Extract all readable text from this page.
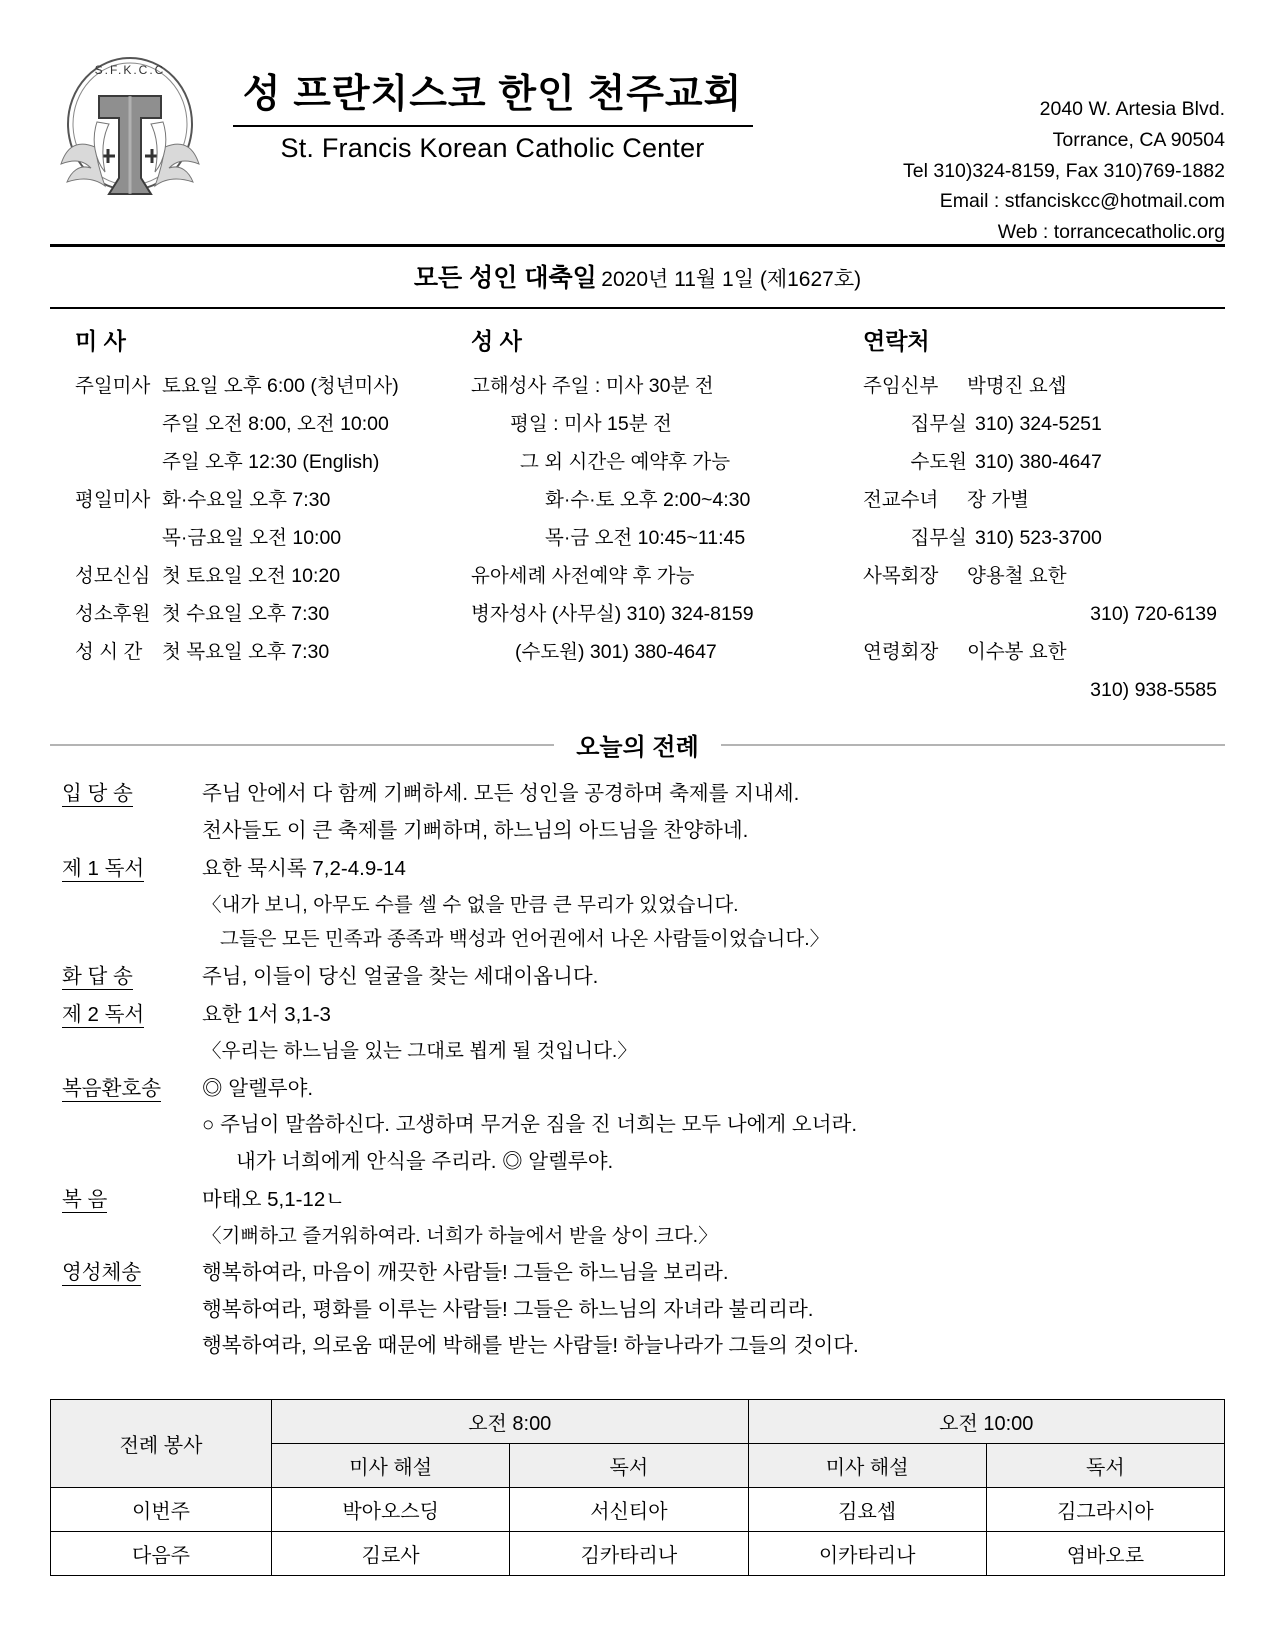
S.F.K.C.C
성 프란치스코 한인 천주교회
St. Francis Korean Catholic Center
2040 W. Artesia Blvd.
Torrance, CA 90504
Tel 310)324-8159, Fax 310)769-1882
Email : stfanciskcc@hotmail.com
Web : torrancecatholic.org
모든 성인 대축일 2020년 11월 1일 (제1627호)
미 사
주일미사 토요일 오후 6:00 (청년미사)
주일 오전 8:00, 오전 10:00
주일 오후 12:30 (English)
평일미사 화·수요일 오후 7:30
목·금요일 오전 10:00
성모신심 첫 토요일 오전 10:20
성소후원 첫 수요일 오후 7:30
성 시 간	첫 목요일 오후 7:30
성 사
고해성사 주일 : 미사 30분 전
평일 : 미사 15분 전
그 외 시간은 예약후 가능
화·수·토 오후 2:00~4:30
목·금 오전 10:45~11:45
유아세례 사전예약 후 가능
병자성사 (사무실) 310) 324-8159
(수도원) 301) 380-4647
연락처
주임신부	박명진 요셉
집무실 310) 324-5251
수도원 310) 380-4647
전교수녀	장 가별
집무실 310) 523-3700
사목회장	양용철 요한
310) 720-6139
연령회장	이수봉 요한
310) 938-5585
오늘의 전례
입 당 송	주님 안에서 다 함께 기뻐하세. 모든 성인을 공경하며 축제를 지내세.
천사들도 이 큰 축제를 기뻐하며, 하느님의 아드님을 찬양하네.
제 1 독서	요한 묵시록 7,2-4.9-14
〈내가 보니, 아무도 수를 셀 수 없을 만큼 큰 무리가 있었습니다.
그들은 모든 민족과 종족과 백성과 언어권에서 나온 사람들이었습니다.〉
화 답 송	주님, 이들이 당신 얼굴을 찾는 세대이옵니다.
제 2 독서	요한 1서 3,1-3
〈우리는 하느님을 있는 그대로 뵙게 될 것입니다.〉
복음환호송	◎ 알렐루야.
○ 주님이 말씀하신다. 고생하며 무거운 짐을 진 너희는 모두 나에게 오너라.
내가 너희에게 안식을 주리라. ◎ 알렐루야.
복 음	마태오 5,1-12ㄴ
〈기뻐하고 즐거워하여라. 너희가 하늘에서 받을 상이 크다.〉
영성체송	행복하여라, 마음이 깨끗한 사람들! 그들은 하느님을 보리라.
행복하여라, 평화를 이루는 사람들! 그들은 하느님의 자녀라 불리리라.
행복하여라, 의로움 때문에 박해를 받는 사람들! 하늘나라가 그들의 것이다.
전례 봉사	오전 8:00		오전 10:00	
	미사 해설	독서	미사 해설	독서
이번주	박아오스딩	서신티아	김요셉	김그라시아
다음주	김로사	김카타리나	이카타리나	염바오로
